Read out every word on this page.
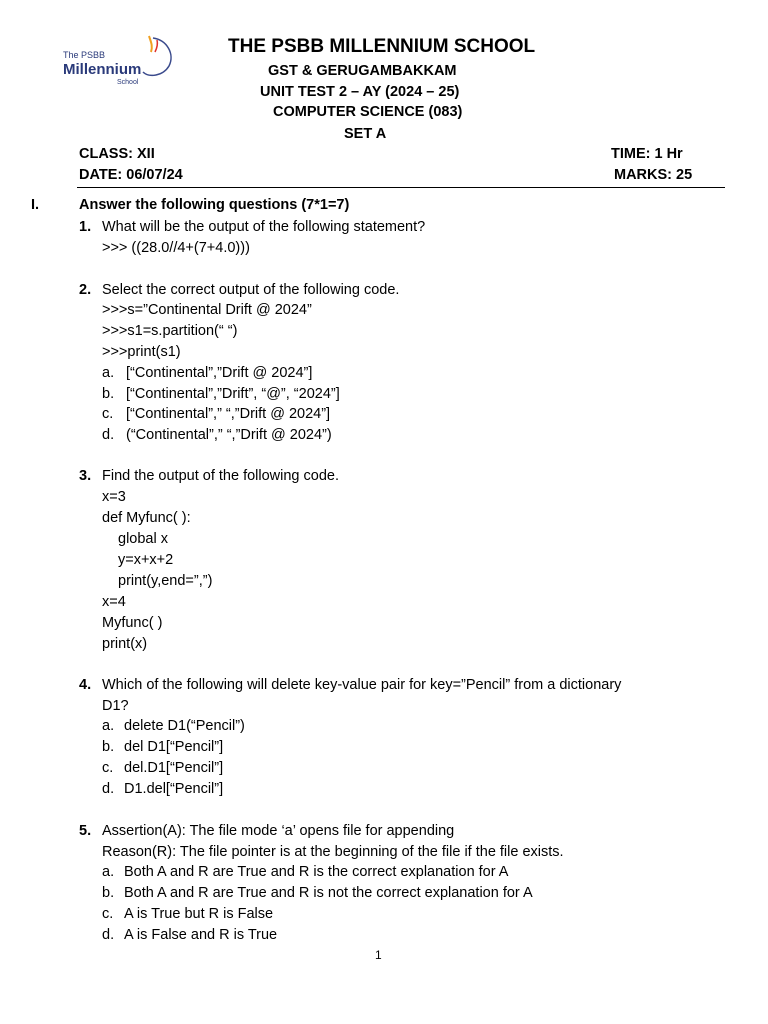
The PSBB
Millennium
School
THE PSBB MILLENNIUM SCHOOL
GST & GERUGAMBAKKAM
UNIT TEST 2 – AY (2024 – 25)
COMPUTER SCIENCE (083)
SET A
CLASS: XII	TIME: 1 Hr
DATE: 06/07/24	MARKS: 25
I.	Answer the following questions (7*1=7)
1. What will be the output of the following statement?
>>> ((28.0//4+(7+4.0)))
2. Select the correct output of the following code.
>>>s=”Continental Drift @ 2024”
>>>s1=s.partition(“ “)
>>>print(s1)
a. [“Continental”,”Drift @ 2024”]
b. [“Continental”,”Drift”, “@”, “2024”]
c. [“Continental”,” “,”Drift @ 2024”]
d. (“Continental”,” “,”Drift @ 2024”)
3. Find the output of the following code.
x=3
def Myfunc( ):
global x
y=x+x+2
print(y,end=”,”)
x=4
Myfunc( )
print(x)
4. Which of the following will delete key-value pair for key=”Pencil” from a dictionary
D1?
a. delete D1(“Pencil”)
b. del D1[“Pencil”]
c. del.D1[“Pencil”]
d. D1.del[“Pencil”]
5. Assertion(A): The file mode ‘a’ opens file for appending
Reason(R): The file pointer is at the beginning of the file if the file exists.
a. Both A and R are True and R is the correct explanation for A
b. Both A and R are True and R is not the correct explanation for A
c. A is True but R is False
d. A is False and R is True
1
